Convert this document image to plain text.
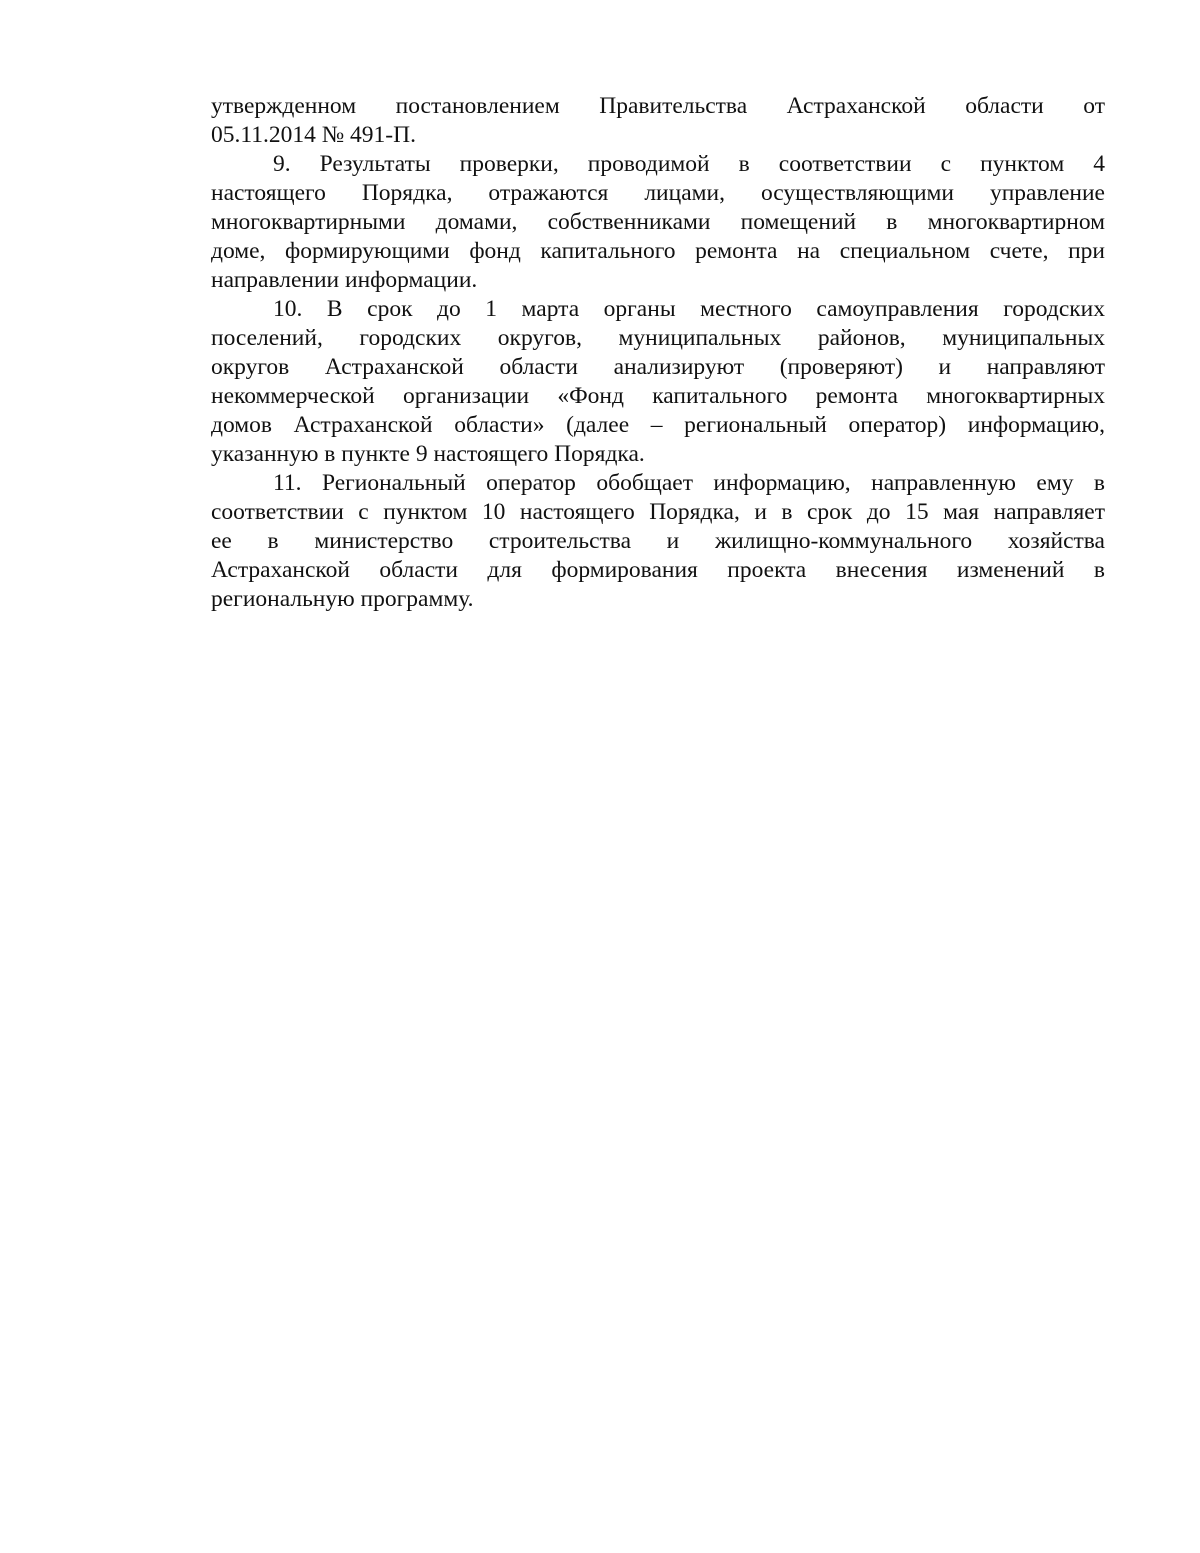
утвержденном постановлением Правительства Астраханской области от
05.11.2014 № 491-П.
9. Результаты проверки, проводимой в соответствии с пунктом 4
настоящего Порядка, отражаются лицами, осуществляющими управление
многоквартирными домами, собственниками помещений в многоквартирном
доме, формирующими фонд капитального ремонта на специальном счете, при
направлении информации.
10. В срок до 1 марта органы местного самоуправления городских
поселений, городских округов, муниципальных районов, муниципальных
округов Астраханской области анализируют (проверяют) и направляют
некоммерческой организации «Фонд капитального ремонта многоквартирных
домов Астраханской области» (далее – региональный оператор) информацию,
указанную в пункте 9 настоящего Порядка.
11. Региональный оператор обобщает информацию, направленную ему в
соответствии с пунктом 10 настоящего Порядка, и в срок до 15 мая направляет
ее в министерство строительства и жилищно-коммунального хозяйства
Астраханской области для формирования проекта внесения изменений в
региональную программу.
